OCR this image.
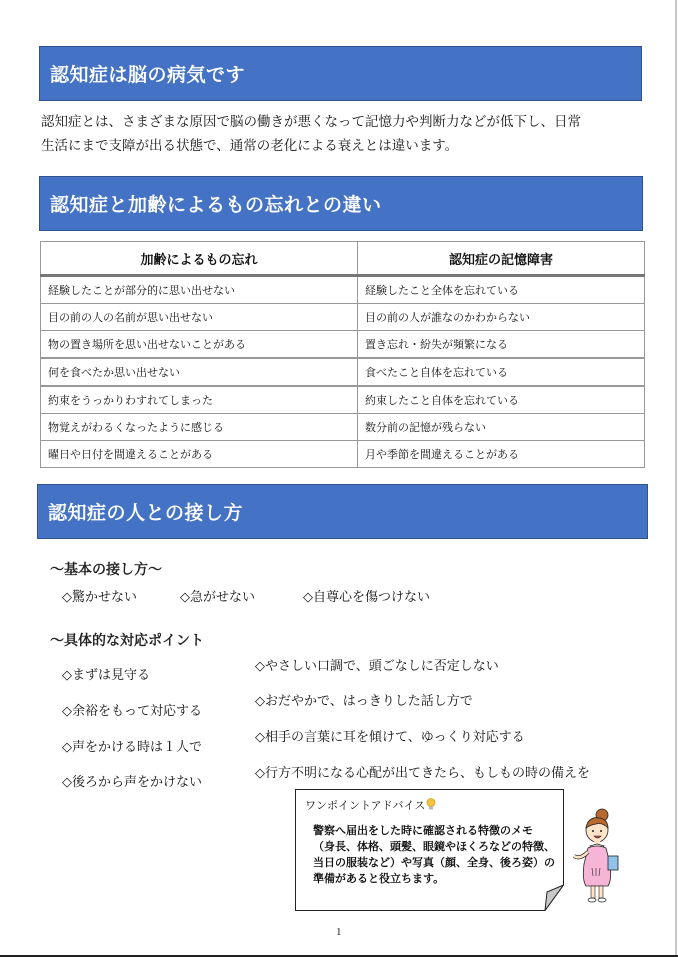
認知症は脳の病気です
認知症とは、さまざまな原因で脳の働きが悪くなって記憶力や判断力などが低下し、日常
生活にまで支障が出る状態で、通常の老化による衰えとは違います。
認知症と加齢によるもの忘れとの違い
加齢によるもの忘れ	認知症の記憶障害
経験したことが部分的に思い出せない	経験したこと全体を忘れている
目の前の人の名前が思い出せない	目の前の人が誰なのかわからない
物の置き場所を思い出せないことがある	置き忘れ・紛失が頻繁になる
何を食べたか思い出せない	食べたこと自体を忘れている
約束をうっかりわすれてしまった	約束したこと自体を忘れている
物覚えがわるくなったように感じる	数分前の記憶が残らない
曜日や日付を間違えることがある	月や季節を間違えることがある
認知症の人との接し方
～基本の接し方～
◇驚かせない	◇急がせない	◇自尊心を傷つけない
～具体的な対応ポイント
◇まずは見守る
◇余裕をもって対応する
◇声をかける時は１人で
◇後ろから声をかけない
◇やさしい口調で、頭ごなしに否定しない
◇おだやかで、はっきりした話し方で
◇相手の言葉に耳を傾けて、ゆっくり対応する
◇行方不明になる心配が出てきたら、もしもの時の備えを
ワンポイントアドバイス
警察へ届出をした時に確認される特徴のメモ
（身長、体格、頭髪、眼鏡やほくろなどの特徴、
当日の服装など）や写真（顔、全身、後ろ姿）の
準備があると役立ちます。
1
